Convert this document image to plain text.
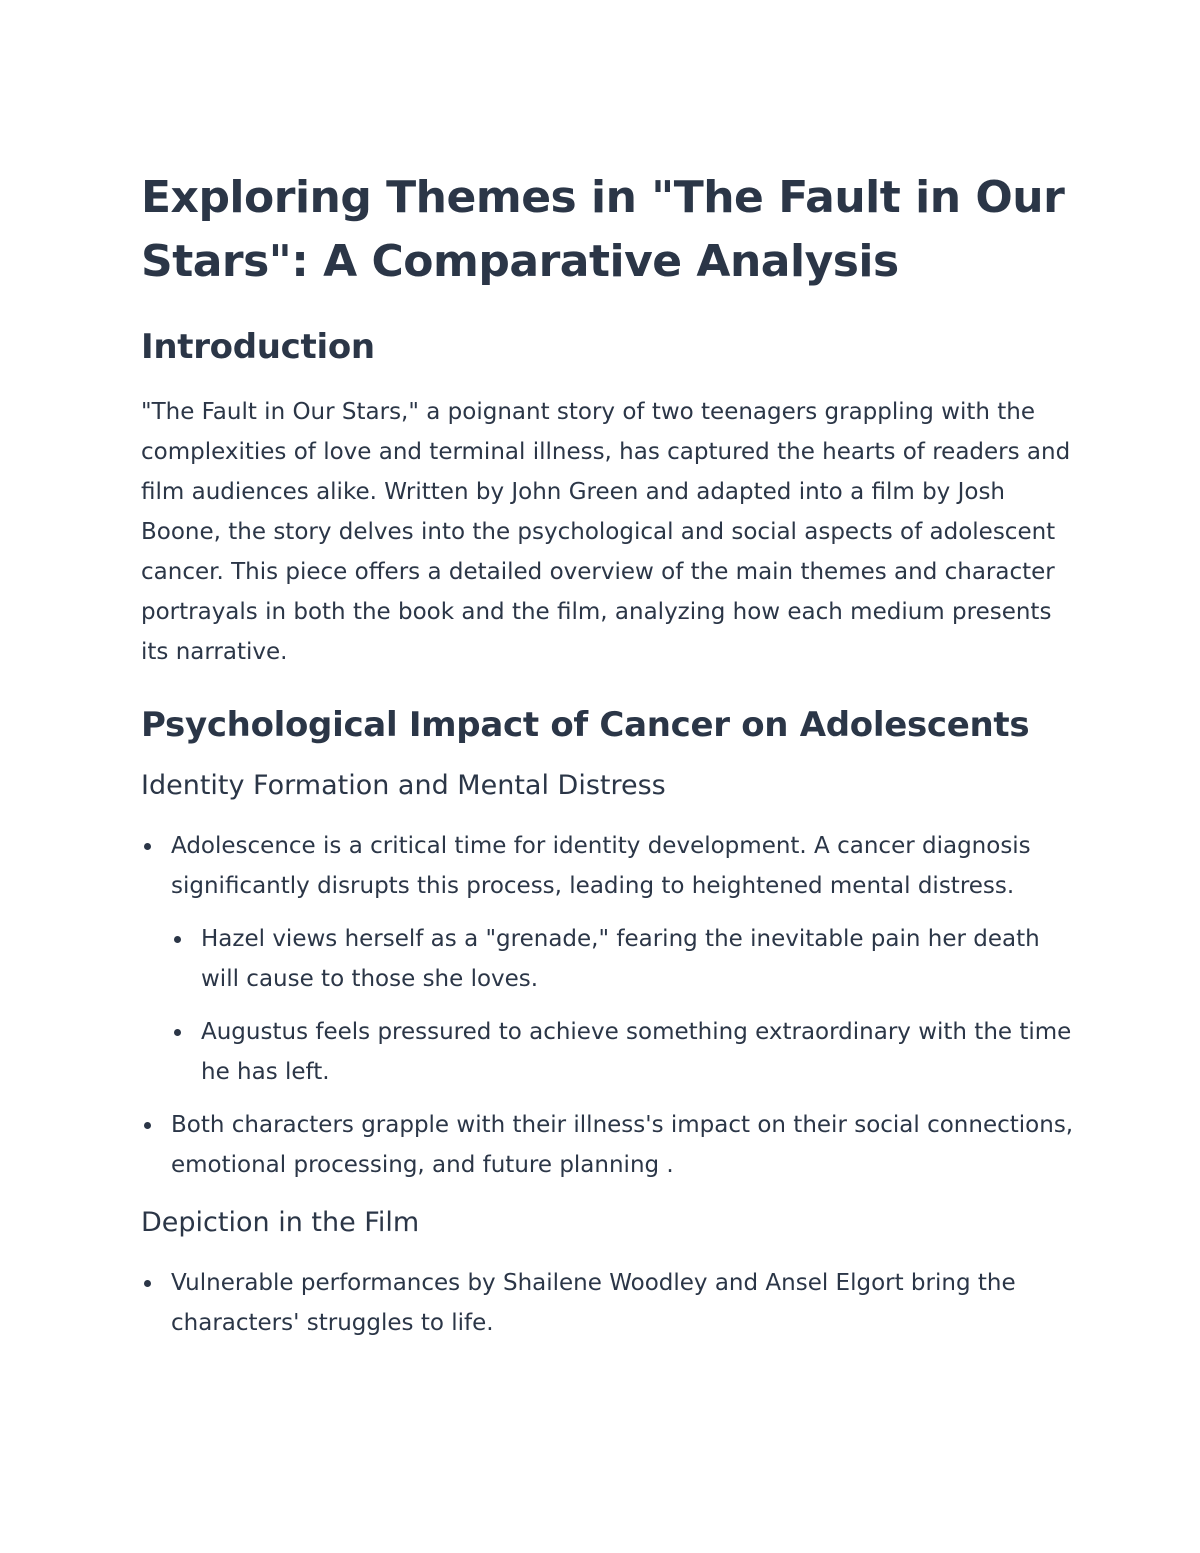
Exploring Themes in "The Fault in Our Stars": A Comparative Analysis
Introduction

"The Fault in Our Stars," a poignant story of two teenagers grappling with the complexities of love and terminal illness, has captured the hearts of readers and film audiences alike. Written by John Green and adapted into a film by Josh Boone, the story delves into the psychological and social aspects of adolescent cancer. This piece offers a detailed overview of the main themes and character portrayals in both the book and the film, analyzing how each medium presents its narrative.

Psychological Impact of Cancer on Adolescents
Identity Formation and Mental Distress
Adolescence is a critical time for identity development. A cancer diagnosis significantly disrupts this process, leading to heightened mental distress.
Hazel views herself as a "grenade," fearing the inevitable pain her death will cause to those she loves.
Augustus feels pressured to achieve something extraordinary with the time he has left.
Both characters grapple with their illness's impact on their social connections, emotional processing, and future planning .
Depiction in the Film
Vulnerable performances by Shailene Woodley and Ansel Elgort bring the characters' struggles to life.
